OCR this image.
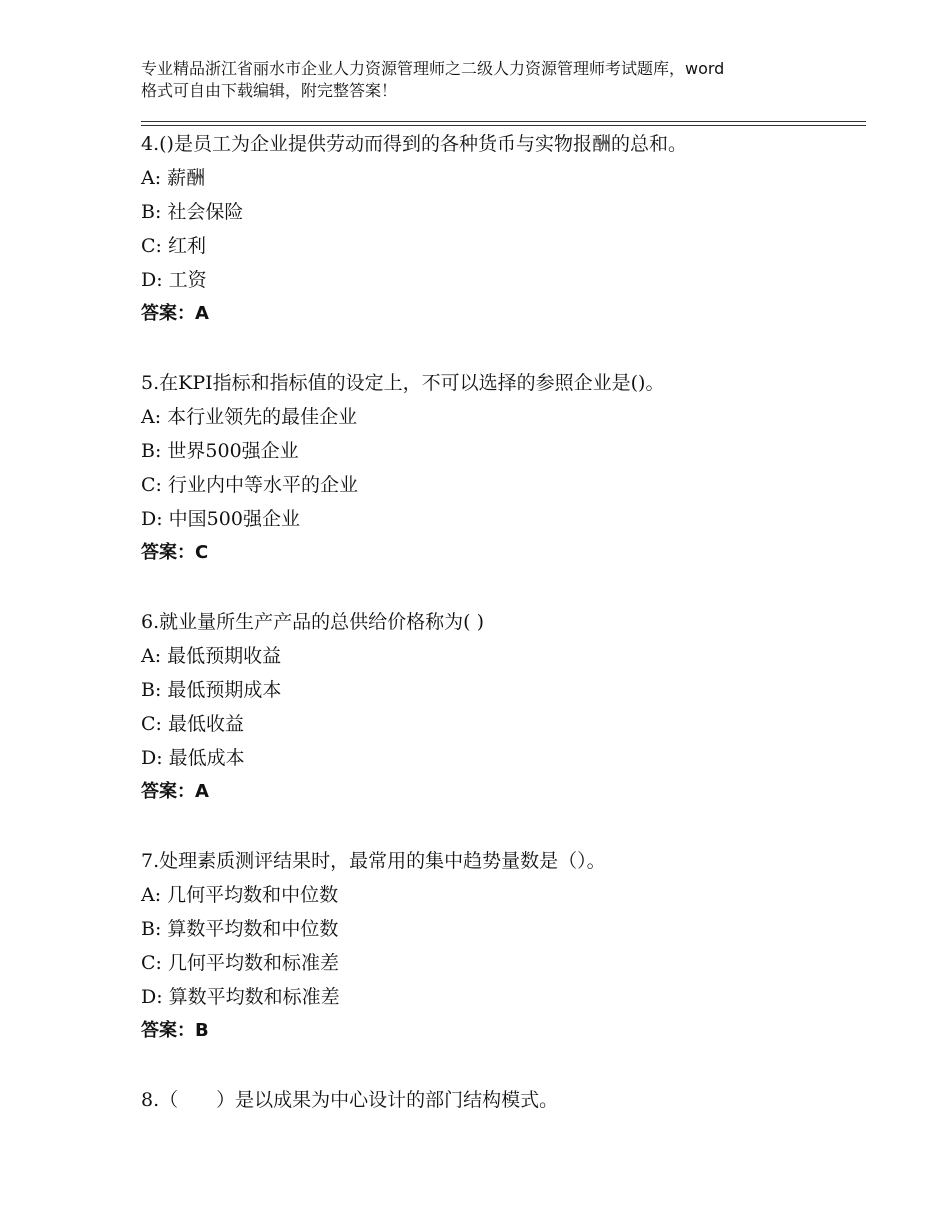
专业精品浙江省丽水市企业人力资源管理师之二级人力资源管理师考试题库，word
格式可自由下载编辑，附完整答案！
4.()是员工为企业提供劳动而得到的各种货币与实物报酬的总和。
A: 薪酬
B: 社会保险
C: 红利
D: 工资
答案：A
5.在KPI指标和指标值的设定上，不可以选择的参照企业是()。
A: 本行业领先的最佳企业
B: 世界500强企业
C: 行业内中等水平的企业
D: 中国500强企业
答案：C
6.就业量所生产产品的总供给价格称为( )
A: 最低预期收益
B: 最低预期成本
C: 最低收益
D: 最低成本
答案：A
7.处理素质测评结果时，最常用的集中趋势量数是（）。
A: 几何平均数和中位数
B: 算数平均数和中位数
C: 几何平均数和标准差
D: 算数平均数和标准差
答案：B
8.（　　）是以成果为中心设计的部门结构模式。
